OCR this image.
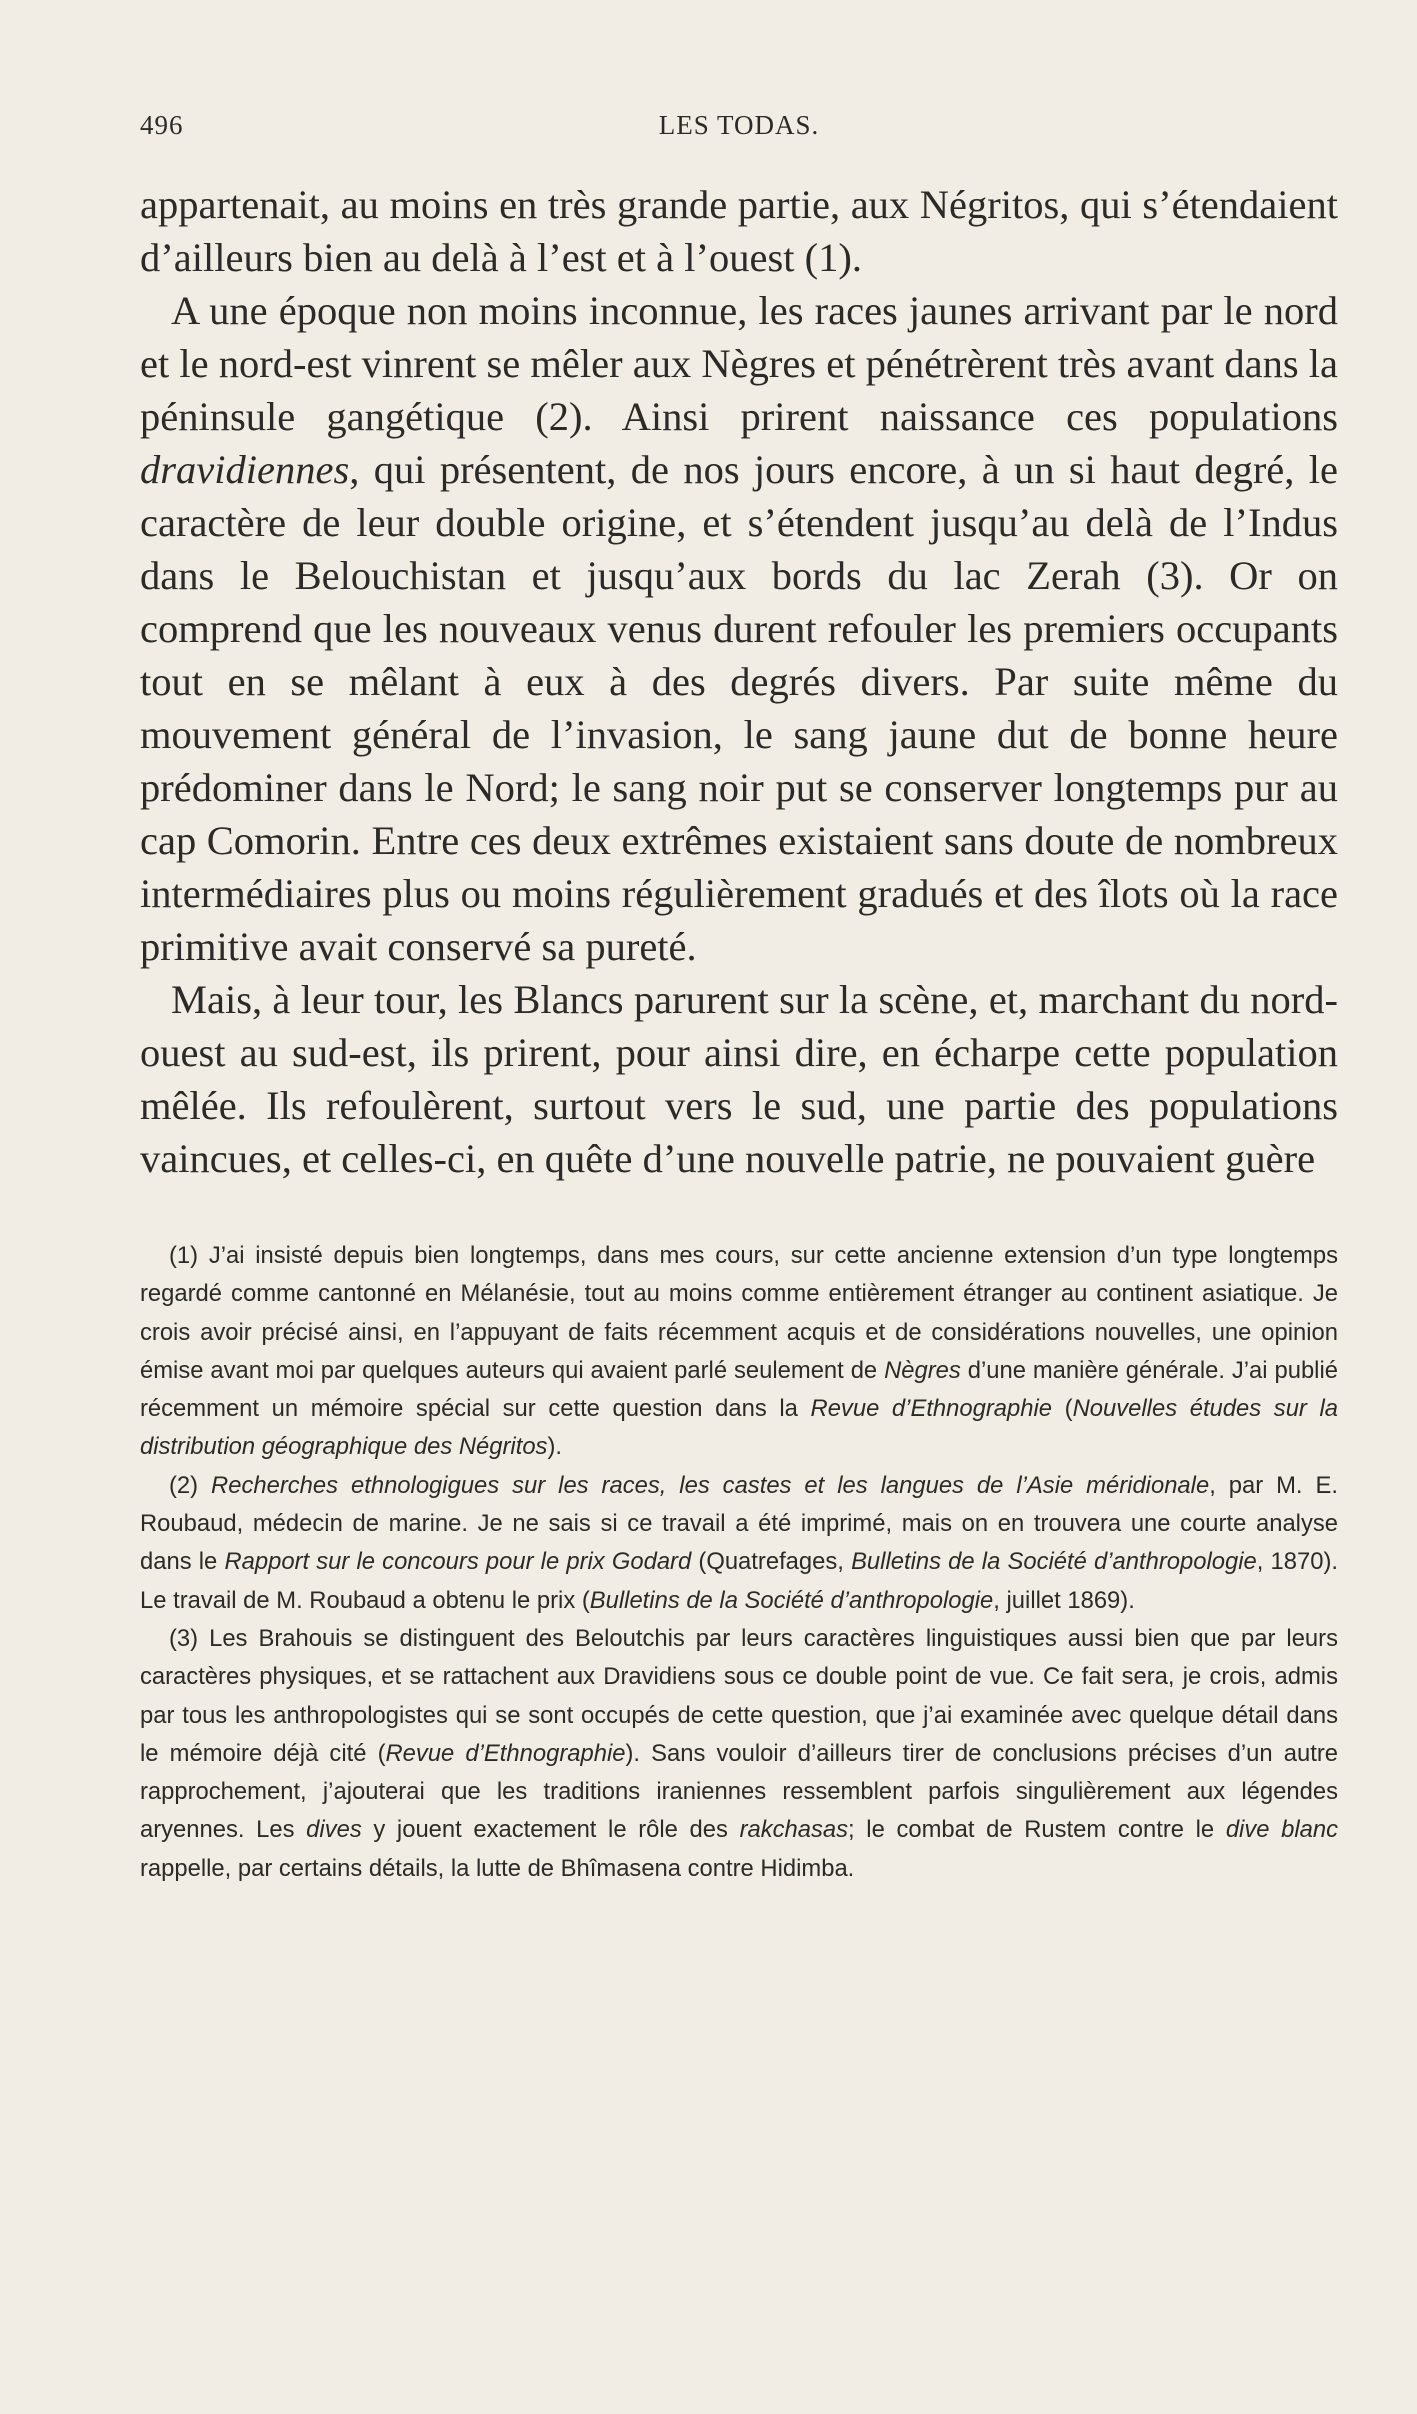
496	LES TODAS.

appartenait, au moins en très grande partie, aux Négritos, qui s’étendaient d’ailleurs bien au delà à l’est et à l’ouest (1).

A une époque non moins inconnue, les races jaunes arrivant par le nord et le nord-est vinrent se mêler aux Nègres et pénétrèrent très avant dans la péninsule gangétique (2). Ainsi prirent naissance ces populations dravidiennes, qui présentent, de nos jours encore, à un si haut degré, le caractère de leur double origine, et s’étendent jusqu’au delà de l’Indus dans le Belouchistan et jusqu’aux bords du lac Zerah (3). Or on comprend que les nouveaux venus durent refouler les premiers occupants tout en se mêlant à eux à des degrés divers. Par suite même du mouvement général de l’invasion, le sang jaune dut de bonne heure prédominer dans le Nord; le sang noir put se conserver longtemps pur au cap Comorin. Entre ces deux extrêmes existaient sans doute de nombreux intermédiaires plus ou moins régulièrement gradués et des îlots où la race primitive avait conservé sa pureté.

Mais, à leur tour, les Blancs parurent sur la scène, et, marchant du nord-ouest au sud-est, ils prirent, pour ainsi dire, en écharpe cette population mêlée. Ils refoulèrent, surtout vers le sud, une partie des populations vaincues, et celles-ci, en quête d’une nouvelle patrie, ne pouvaient guère

(1) J’ai insisté depuis bien longtemps, dans mes cours, sur cette ancienne extension d’un type longtemps regardé comme cantonné en Mélanésie, tout au moins comme entièrement étranger au continent asiatique. Je crois avoir précisé ainsi, en l’appuyant de faits récemment acquis et de considérations nouvelles, une opinion émise avant moi par quelques auteurs qui avaient parlé seulement de Nègres d’une manière générale. J’ai publié récemment un mémoire spécial sur cette question dans la Revue d’Ethnographie (Nouvelles études sur la distribution géographique des Négritos).

(2) Recherches ethnologigues sur les races, les castes et les langues de l’Asie méridionale, par M. E. Roubaud, médecin de marine. Je ne sais si ce travail a été imprimé, mais on en trouvera une courte analyse dans le Rapport sur le concours pour le prix Godard (Quatrefages, Bulletins de la Société d’anthropologie, 1870). Le travail de M. Roubaud a obtenu le prix (Bulletins de la Société d’anthropologie, juillet 1869).

(3) Les Brahouis se distinguent des Beloutchis par leurs caractères linguistiques aussi bien que par leurs caractères physiques, et se rattachent aux Dravidiens sous ce double point de vue. Ce fait sera, je crois, admis par tous les anthropologistes qui se sont occupés de cette question, que j’ai examinée avec quelque détail dans le mémoire déjà cité (Revue d’Ethnographie). Sans vouloir d’ailleurs tirer de conclusions précises d’un autre rapprochement, j’ajouterai que les traditions iraniennes ressemblent parfois singulièrement aux légendes aryennes. Les dives y jouent exactement le rôle des rakchasas; le combat de Rustem contre le dive blanc rappelle, par certains détails, la lutte de Bhîmasena contre Hidimba.
